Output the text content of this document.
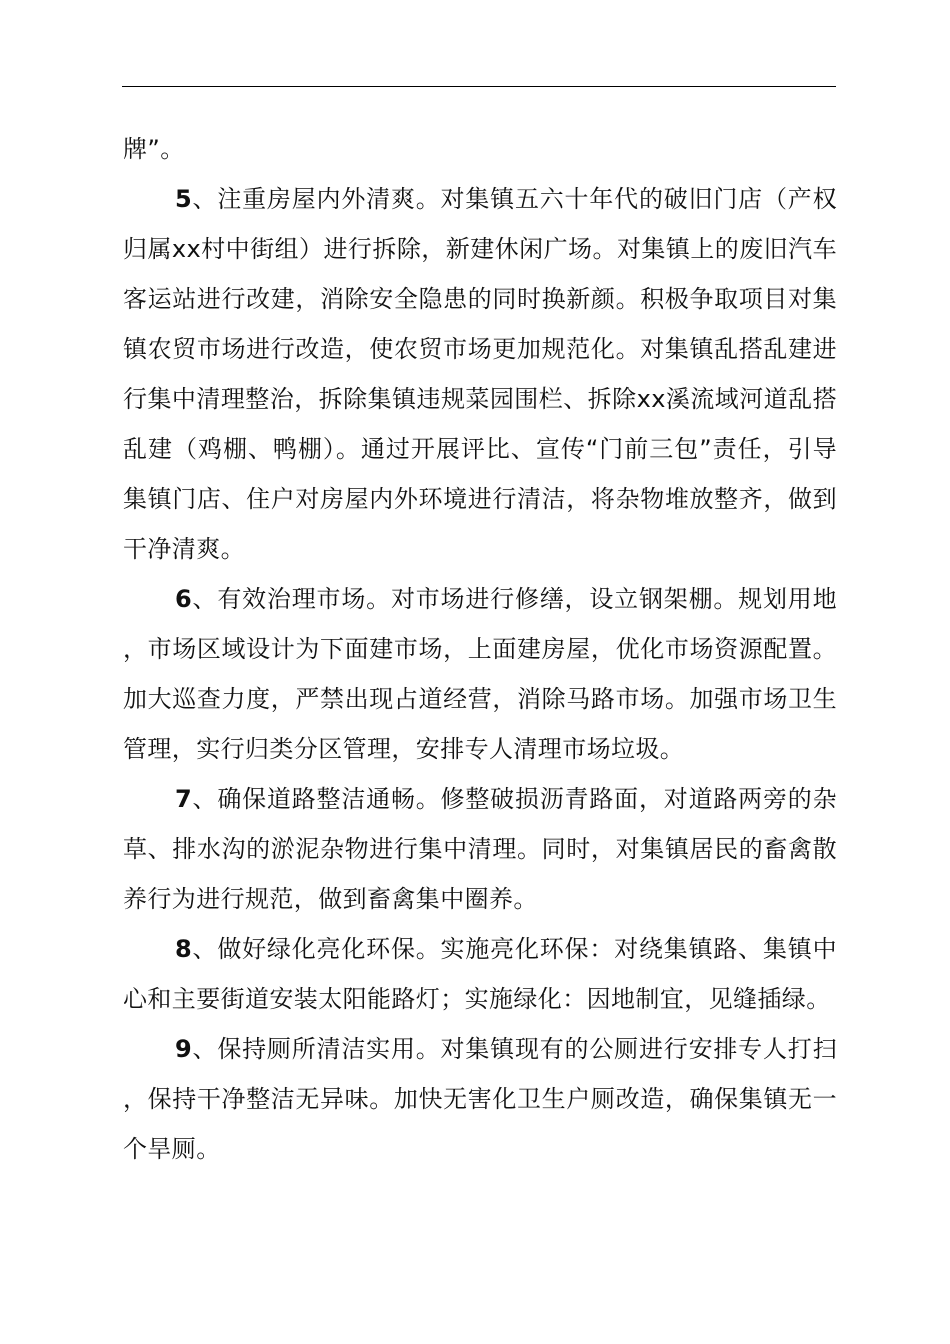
牌”。

5、注重房屋内外清爽。对集镇五六十年代的破旧门店（产权归属xx村中街组）进行拆除，新建休闲广场。对集镇上的废旧汽车客运站进行改建，消除安全隐患的同时换新颜。积极争取项目对集镇农贸市场进行改造，使农贸市场更加规范化。对集镇乱搭乱建进行集中清理整治，拆除集镇违规菜园围栏、拆除xx溪流域河道乱搭乱建（鸡棚、鸭棚）。通过开展评比、宣传“门前三包”责任，引导集镇门店、住户对房屋内外环境进行清洁，将杂物堆放整齐，做到干净清爽。

6、有效治理市场。对市场进行修缮，设立钢架棚。规划用地，市场区域设计为下面建市场，上面建房屋，优化市场资源配置。加大巡查力度，严禁出现占道经营，消除马路市场。加强市场卫生管理，实行归类分区管理，安排专人清理市场垃圾。

7、确保道路整洁通畅。修整破损沥青路面，对道路两旁的杂草、排水沟的淤泥杂物进行集中清理。同时，对集镇居民的畜禽散养行为进行规范，做到畜禽集中圈养。

8、做好绿化亮化环保。实施亮化环保：对绕集镇路、集镇中心和主要街道安装太阳能路灯；实施绿化：因地制宜，见缝插绿。

9、保持厕所清洁实用。对集镇现有的公厕进行安排专人打扫，保持干净整洁无异味。加快无害化卫生户厕改造，确保集镇无一个旱厕。
